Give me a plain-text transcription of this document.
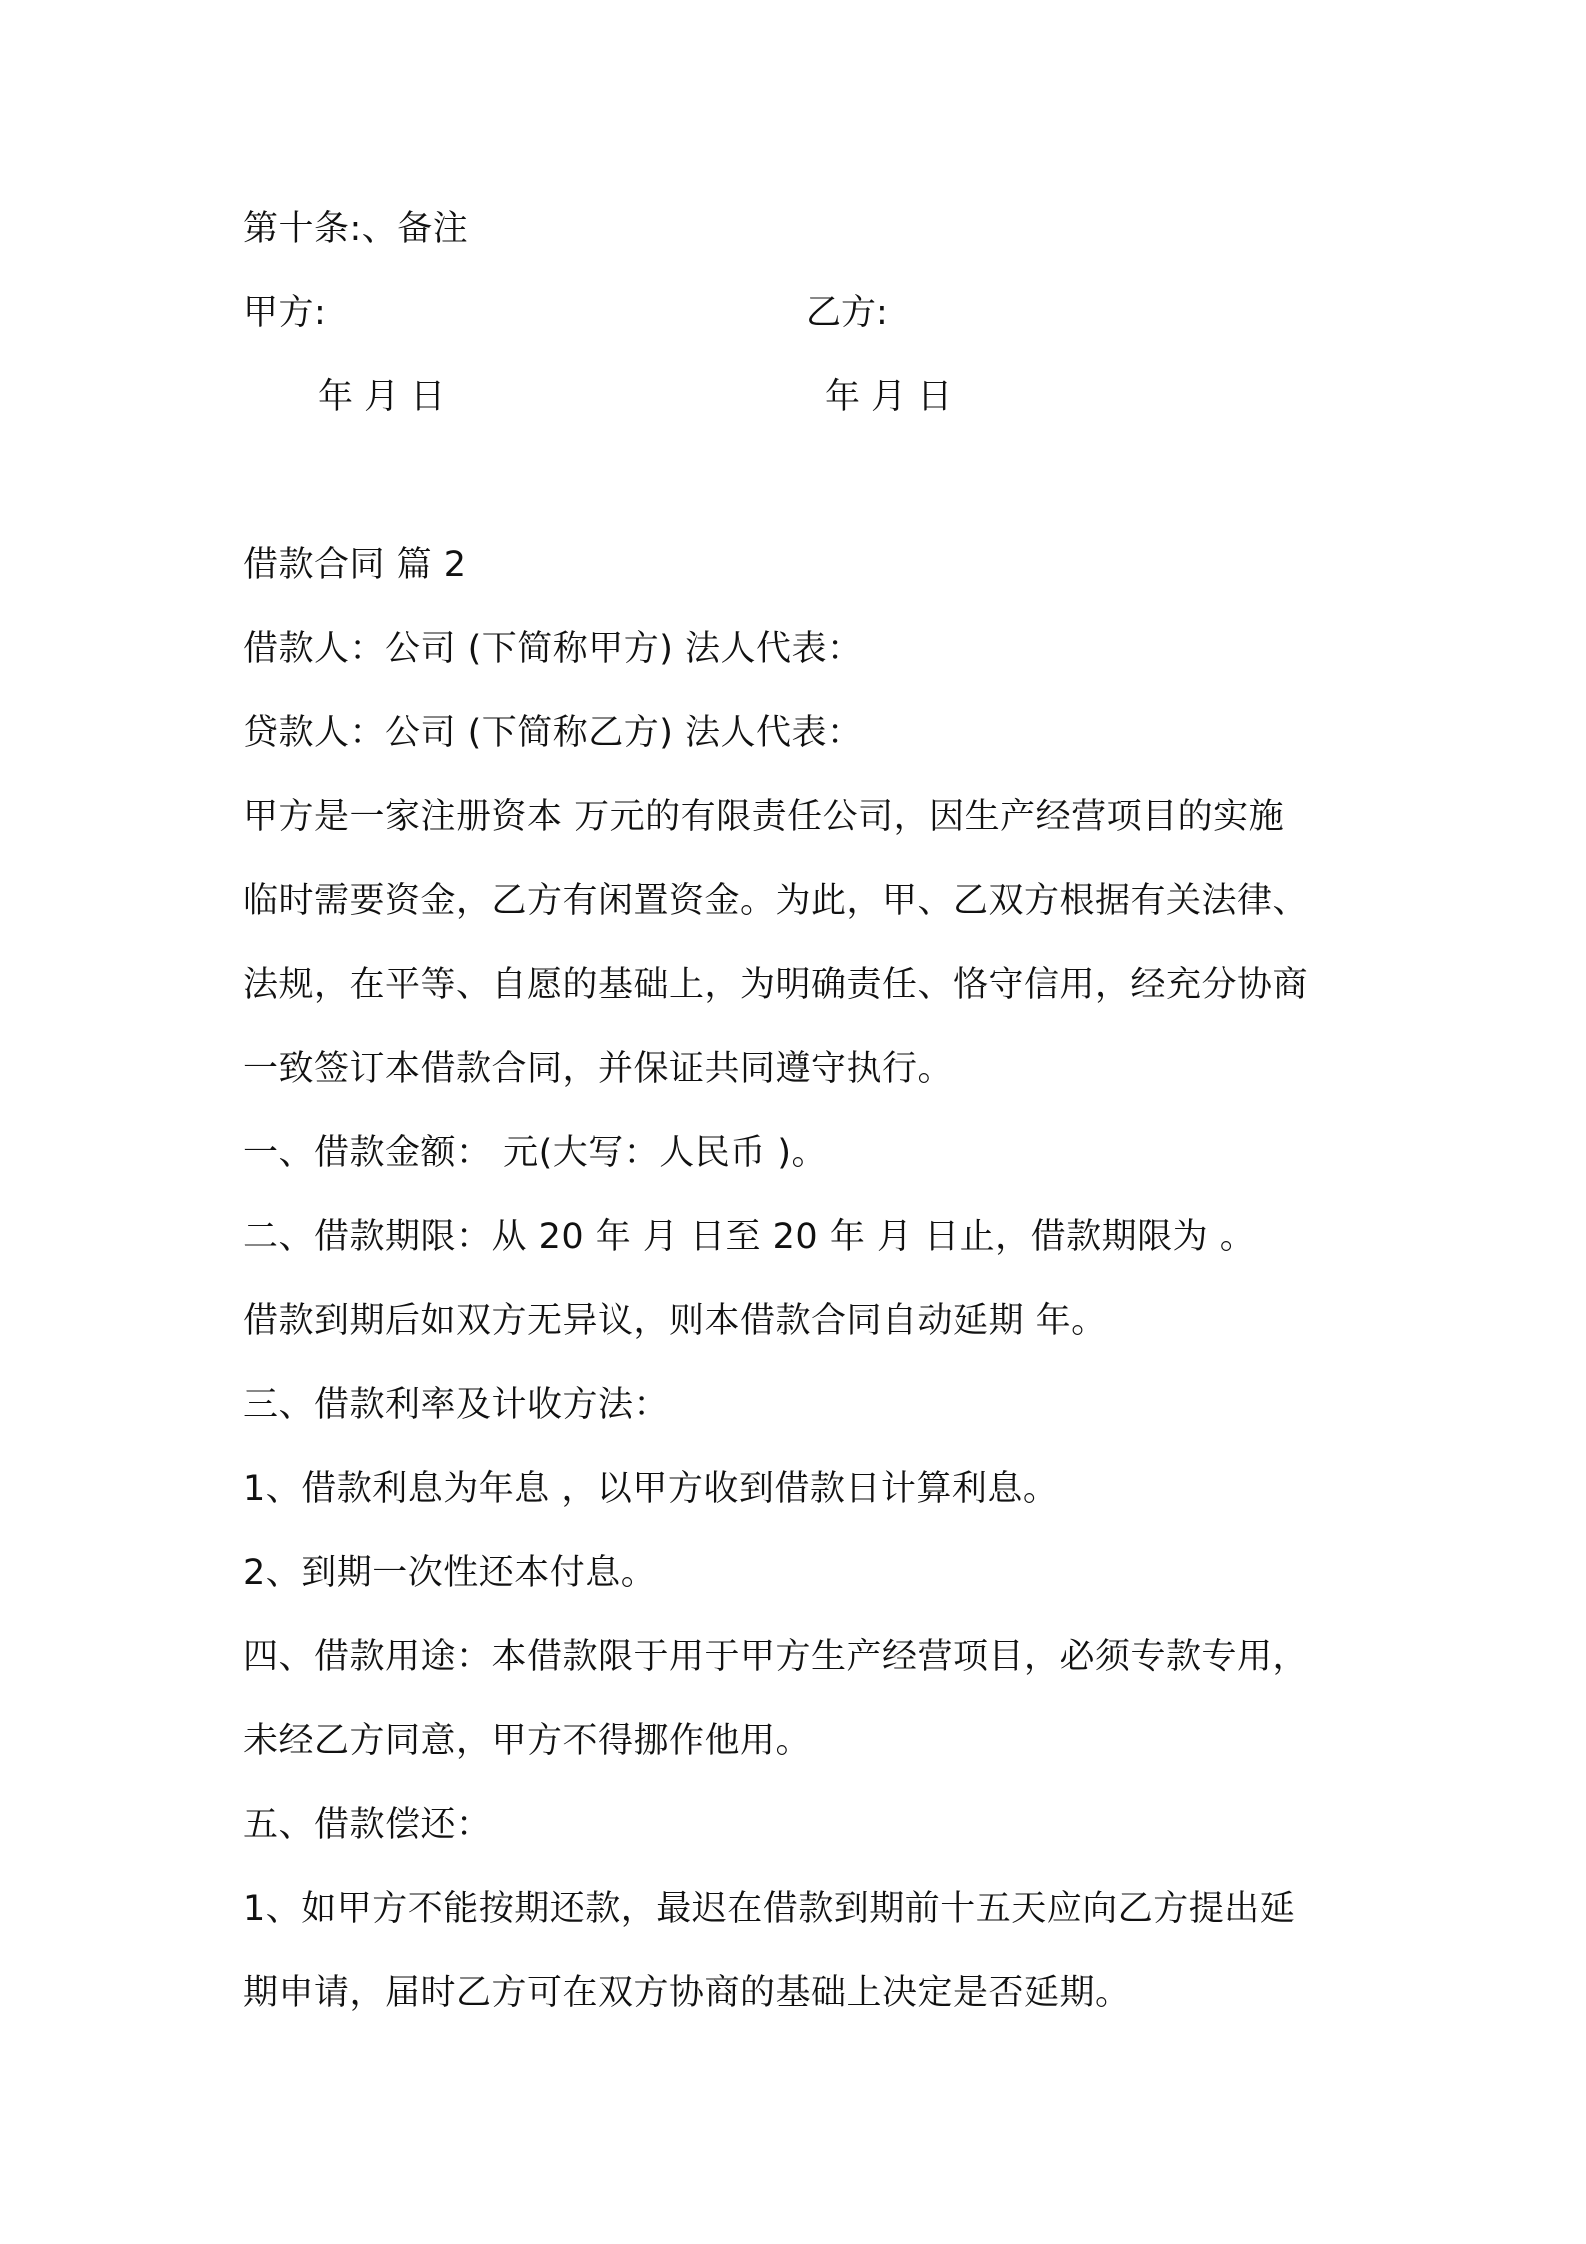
第十条:、备注
甲方:	乙方:
年 月 日	年 月 日
借款合同 篇 2
借款人：公司 (下简称甲方) 法人代表：
贷款人：公司 (下简称乙方) 法人代表：
甲方是一家注册资本 万元的有限责任公司，因生产经营项目的实施
临时需要资金，乙方有闲置资金。为此，甲、乙双方根据有关法律、
法规，在平等、自愿的基础上，为明确责任、恪守信用，经充分协商
一致签订本借款合同，并保证共同遵守执行。
一、借款金额： 元(大写：人民币 )。
二、借款期限：从 20 年 月 日至 20 年 月 日止，借款期限为 。
借款到期后如双方无异议，则本借款合同自动延期 年。
三、借款利率及计收方法：
1、借款利息为年息 ，以甲方收到借款日计算利息。
2、到期一次性还本付息。
四、借款用途：本借款限于用于甲方生产经营项目，必须专款专用，
未经乙方同意，甲方不得挪作他用。
五、借款偿还：
1、如甲方不能按期还款，最迟在借款到期前十五天应向乙方提出延
期申请，届时乙方可在双方协商的基础上决定是否延期。
